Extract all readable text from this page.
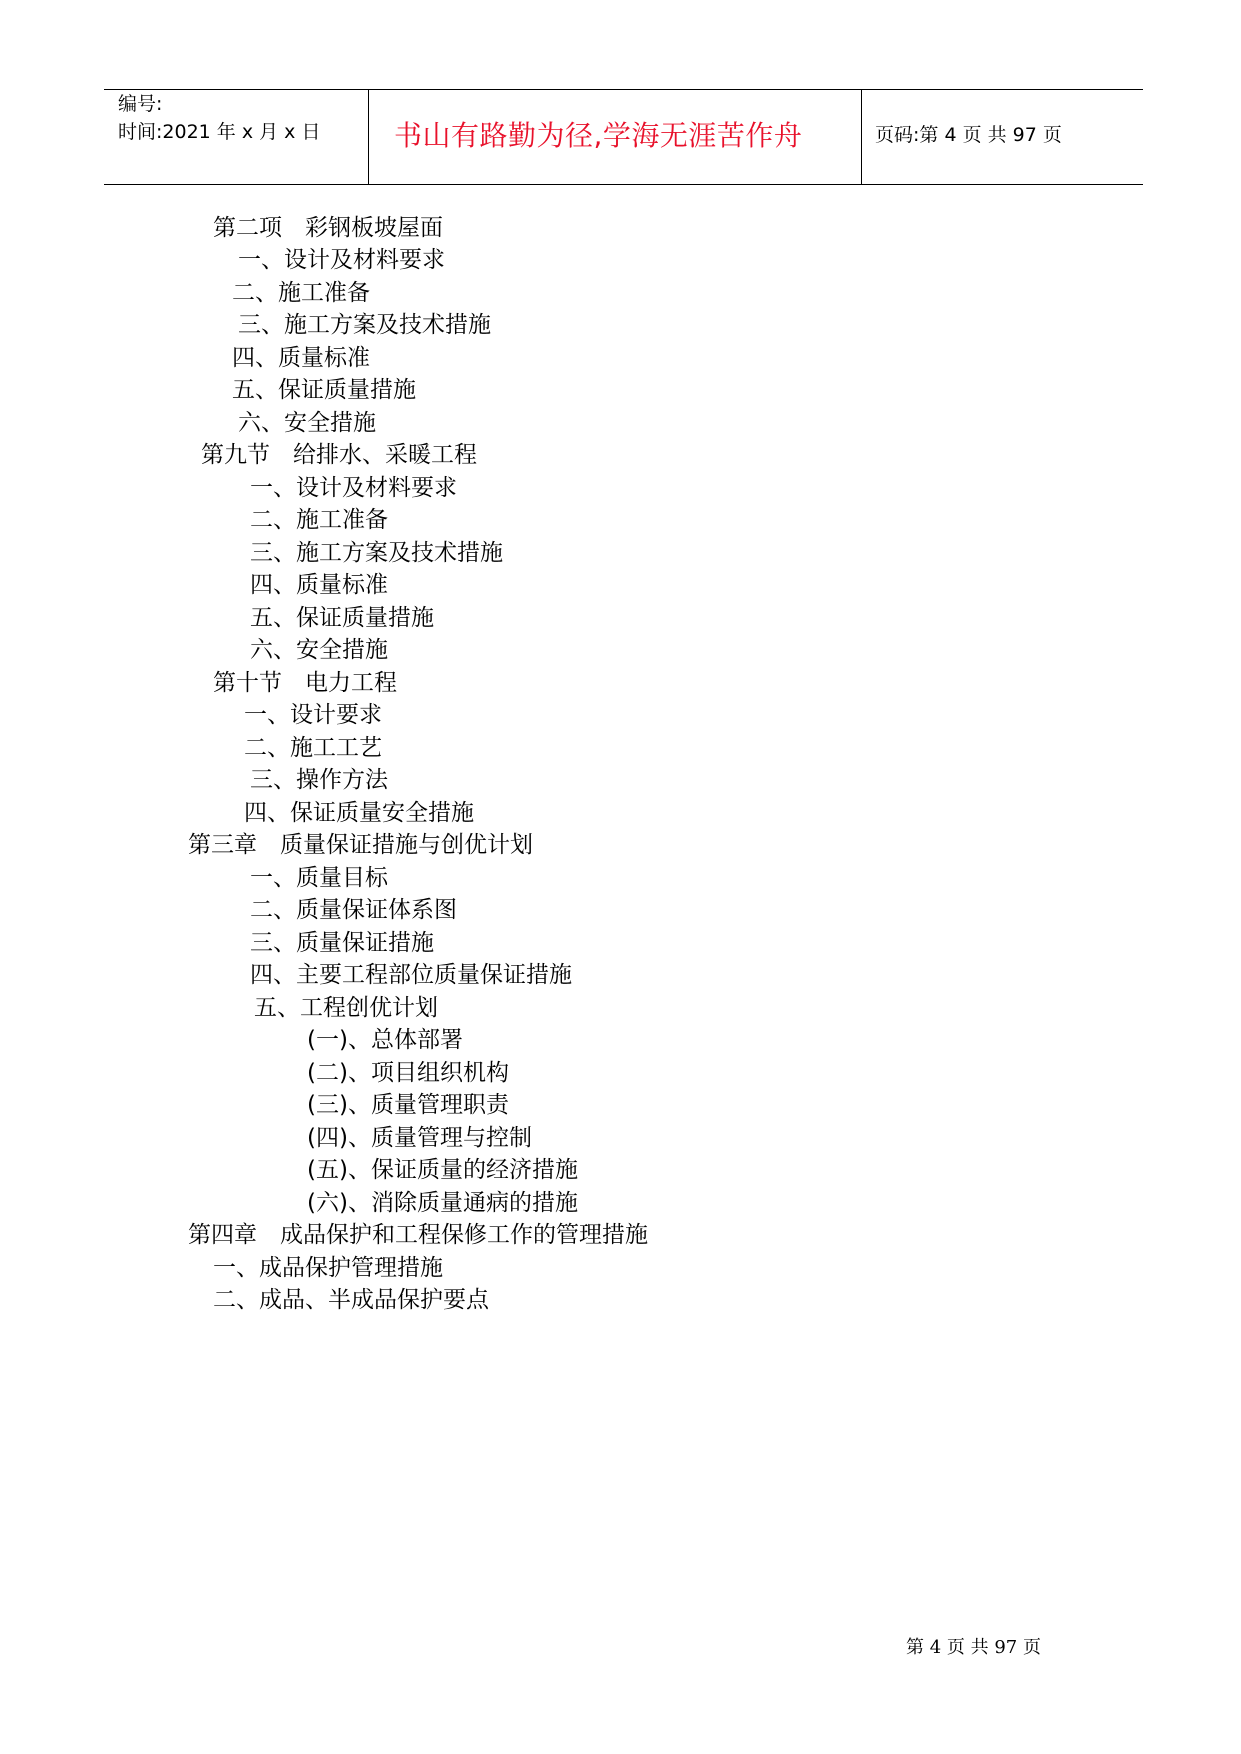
编号:
时间:2021 年 x 月 x 日	书山有路勤为径,学海无涯苦作舟	页码:第 4 页 共 97 页
第二项　彩钢板坡屋面
一、设计及材料要求
二、施工准备
三、施工方案及技术措施
四、质量标准
五、保证质量措施
六、安全措施
第九节　给排水、采暖工程
一、设计及材料要求
二、施工准备
三、施工方案及技术措施
四、质量标准
五、保证质量措施
六、安全措施
第十节　电力工程
一、设计要求
二、施工工艺
三、操作方法
四、保证质量安全措施
第三章　质量保证措施与创优计划
一、质量目标
二、质量保证体系图
三、质量保证措施
四、主要工程部位质量保证措施
五、工程创优计划
(一)、总体部署
(二)、项目组织机构
(三)、质量管理职责
(四)、质量管理与控制
(五)、保证质量的经济措施
(六)、消除质量通病的措施
第四章　成品保护和工程保修工作的管理措施
一、成品保护管理措施
二、成品、半成品保护要点
第 4 页 共 97 页
